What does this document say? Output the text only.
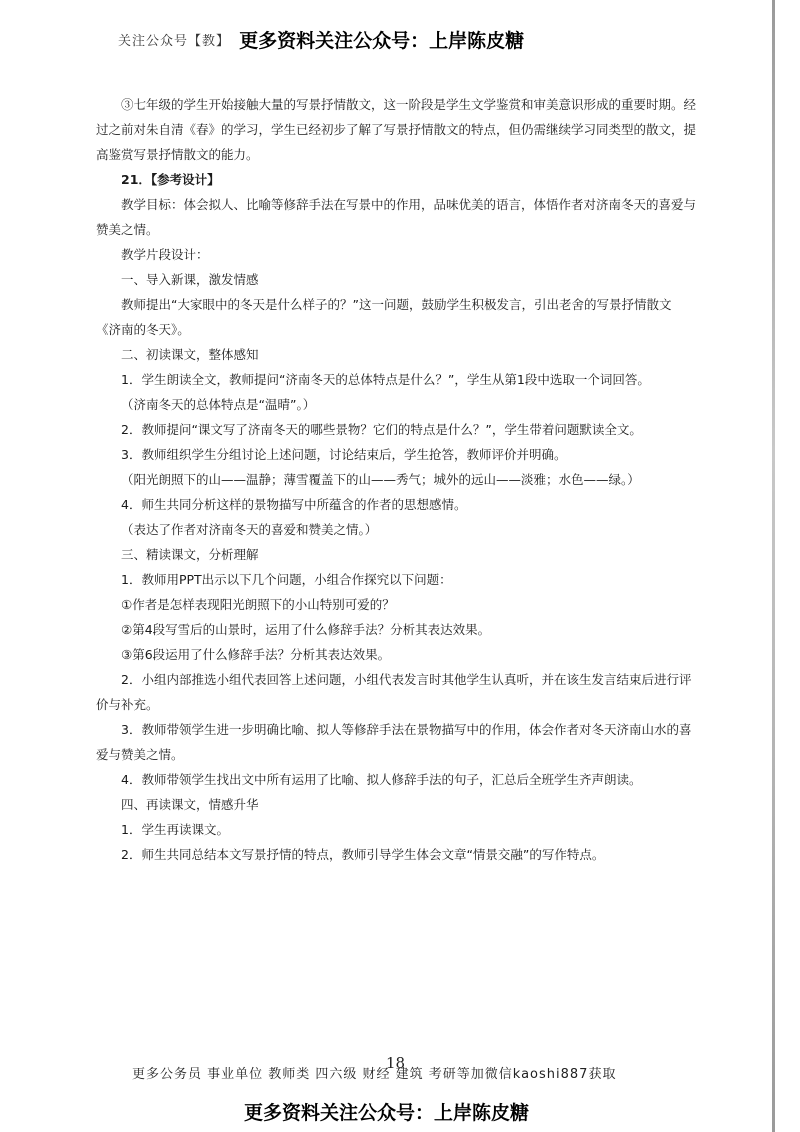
关注公众号【教】 更多资料关注公众号：上岸陈皮糖

③七年级的学生开始接触大量的写景抒情散文，这一阶段是学生文学鉴赏和审美意识形成的重要时期。经过之前对朱自清《春》的学习，学生已经初步了解了写景抒情散文的特点，但仍需继续学习同类型的散文，提高鉴赏写景抒情散文的能力。

21．【参考设计】

教学目标：体会拟人、比喻等修辞手法在写景中的作用，品味优美的语言，体悟作者对济南冬天的喜爱与赞美之情。

教学片段设计：

一、导入新课，激发情感

教师提出“大家眼中的冬天是什么样子的？”这一问题，鼓励学生积极发言，引出老舍的写景抒情散文《济南的冬天》。

二、初读课文，整体感知

1．学生朗读全文，教师提问“济南冬天的总体特点是什么？”，学生从第1段中选取一个词回答。

（济南冬天的总体特点是“温晴”。）

2．教师提问“课文写了济南冬天的哪些景物？它们的特点是什么？”，学生带着问题默读全文。

3．教师组织学生分组讨论上述问题，讨论结束后，学生抢答，教师评价并明确。

（阳光朗照下的山——温静；薄雪覆盖下的山——秀气；城外的远山——淡雅；水色——绿。）

4．师生共同分析这样的景物描写中所蕴含的作者的思想感情。

（表达了作者对济南冬天的喜爱和赞美之情。）

三、精读课文，分析理解

1．教师用PPT出示以下几个问题，小组合作探究以下问题：

①作者是怎样表现阳光朗照下的小山特别可爱的？

②第4段写雪后的山景时，运用了什么修辞手法？分析其表达效果。

③第6段运用了什么修辞手法？分析其表达效果。

2．小组内部推选小组代表回答上述问题，小组代表发言时其他学生认真听，并在该生发言结束后进行评价与补充。

3．教师带领学生进一步明确比喻、拟人等修辞手法在景物描写中的作用，体会作者对冬天济南山水的喜爱与赞美之情。

4．教师带领学生找出文中所有运用了比喻、拟人修辞手法的句子，汇总后全班学生齐声朗读。

四、再读课文，情感升华

1．学生再读课文。

2．师生共同总结本文写景抒情的特点，教师引导学生体会文章“情景交融”的写作特点。

18
更多公务员 事业单位 教师类 四六级 财经 建筑 考研等加微信kaoshi887获取
更多资料关注公众号：上岸陈皮糖
